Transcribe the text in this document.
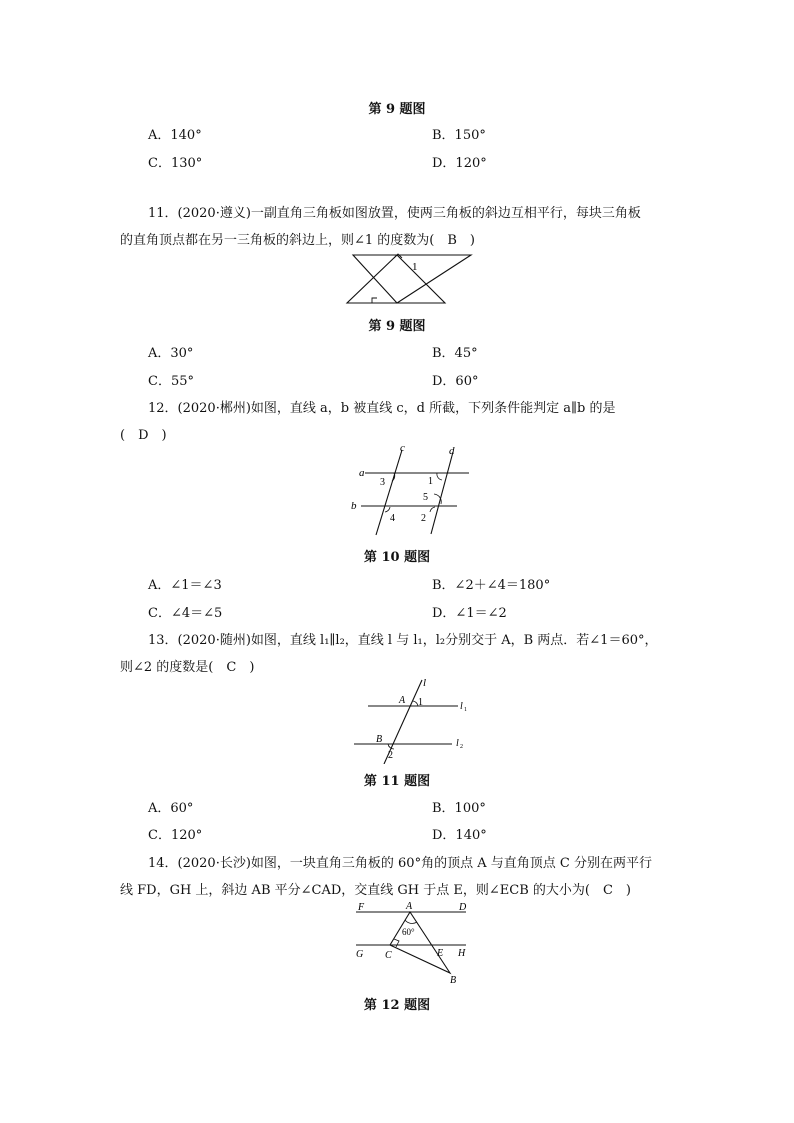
第 9 题图
A．140°	B．150°
C．130°	D．120°
11．(2020·遵义)一副直角三角板如图放置，使两三角板的斜边互相平行，每块三角板
的直角顶点都在另一三角板的斜边上，则∠1 的度数为(　B　)
1
第 9 题图
A．30°	B．45°
C．55°	D．60°
12．(2020·郴州)如图，直线 a，b 被直线 c，d 所截，下列条件能判定 a∥b 的是
(　D　)
c	d
a
b
3	1
5
4	2
第 10 题图
A．∠1＝∠3	B．∠2＋∠4＝180°
C．∠4＝∠5	D．∠1＝∠2
13．(2020·随州)如图，直线 l₁∥l₂，直线 l 与 l₁，l₂分别交于 A，B 两点．若∠1＝60°，
则∠2 的度数是(　C　)
l
A 1	l 1
B
2
l 2
第 11 题图
A．60°	B．100°
C．120°	D．140°
14．(2020·长沙)如图，一块直角三角板的 60°角的顶点 A 与直角顶点 C 分别在两平行
线 FD，GH 上，斜边 AB 平分∠CAD，交直线 GH 于点 E，则∠ECB 的大小为(　C　)
F	A	D
60°
G C	E H
B
第 12 题图
